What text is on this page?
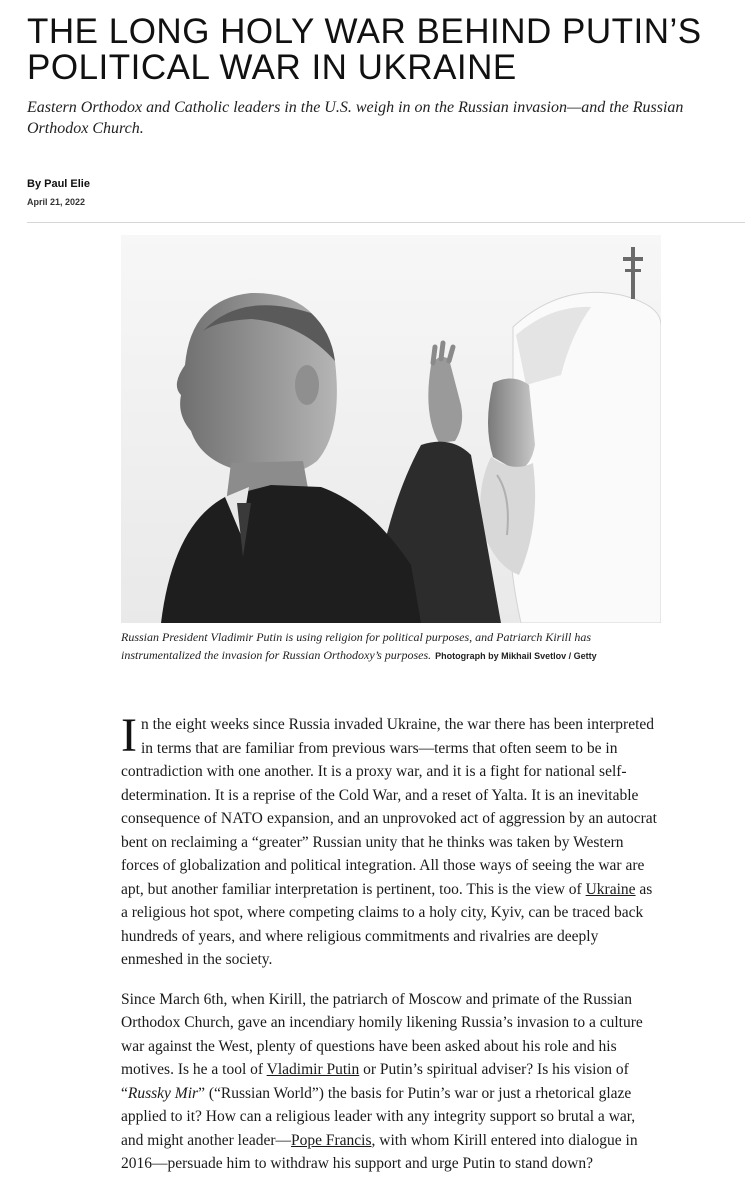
THE LONG HOLY WAR BEHIND PUTIN’S POLITICAL WAR IN UKRAINE

Eastern Orthodox and Catholic leaders in the U.S. weigh in on the Russian invasion—and the Russian Orthodox Church.

By Paul Elie
April 21, 2022
Russian President Vladimir Putin is using religion for political purposes, and Patriarch Kirill has instrumentalized the invasion for Russian Orthodoxy’s purposes. Photograph by Mikhail Svetlov / Getty

In the eight weeks since Russia invaded Ukraine, the war there has been interpreted in terms that are familiar from previous wars—terms that often seem to be in contradiction with one another. It is a proxy war, and it is a fight for national self-determination. It is a reprise of the Cold War, and a reset of Yalta. It is an inevitable consequence of NATO expansion, and an unprovoked act of aggression by an autocrat bent on reclaiming a “greater” Russian unity that he thinks was taken by Western forces of globalization and political integration. All those ways of seeing the war are apt, but another familiar interpretation is pertinent, too. This is the view of Ukraine as a religious hot spot, where competing claims to a holy city, Kyiv, can be traced back hundreds of years, and where religious commitments and rivalries are deeply enmeshed in the society.

Since March 6th, when Kirill, the patriarch of Moscow and primate of the Russian Orthodox Church, gave an incendiary homily likening Russia’s invasion to a culture war against the West, plenty of questions have been asked about his role and his motives. Is he a tool of Vladimir Putin or Putin’s spiritual adviser? Is his vision of “Russky Mir” (“Russian World”) the basis for Putin’s war or just a rhetorical glaze applied to it? How can a religious leader with any integrity support so brutal a war, and might another leader—Pope Francis, with whom Kirill entered into dialogue in 2016—persuade him to withdraw his support and urge Putin to stand down?
